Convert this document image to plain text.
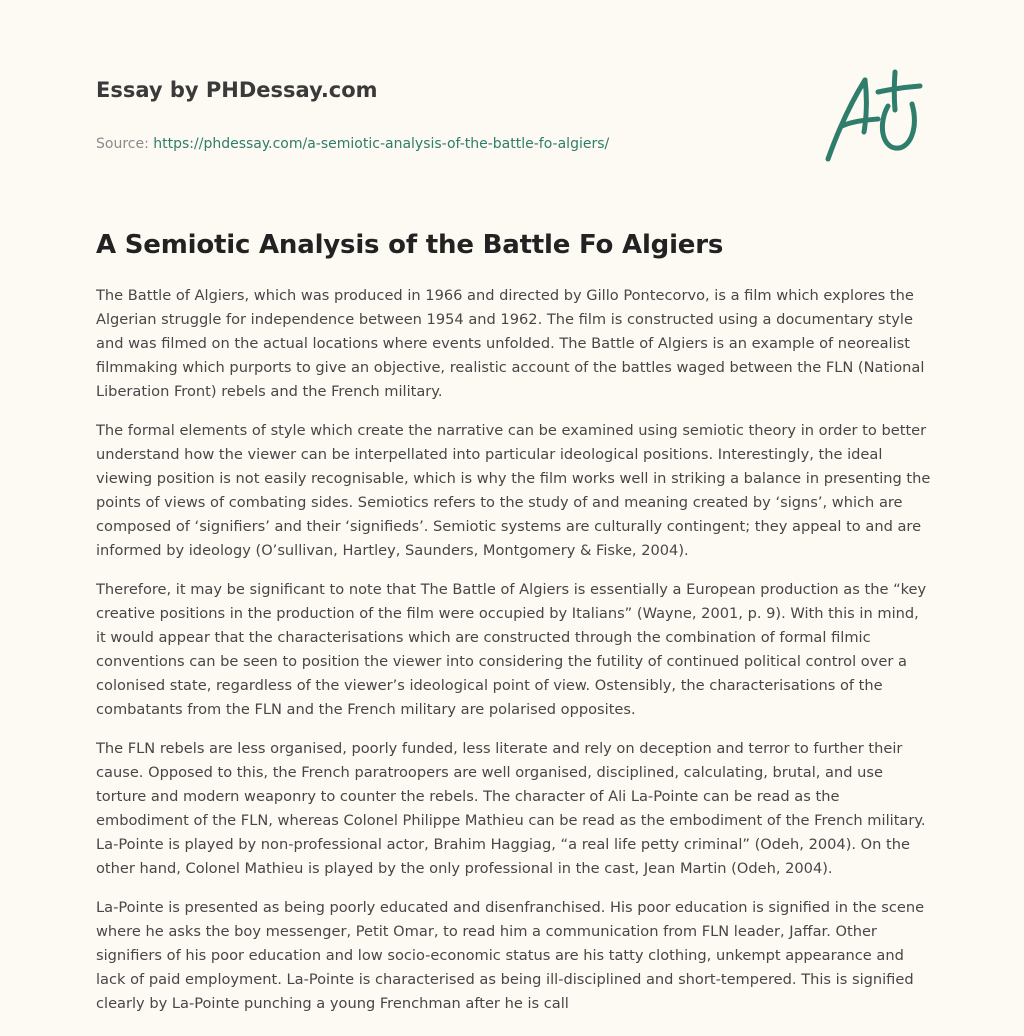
Essay by PHDessay.com
Source: https://phdessay.com/a-semiotic-analysis-of-the-battle-fo-algiers/
A Semiotic Analysis of the Battle Fo Algiers

The Battle of Algiers, which was produced in 1966 and directed by Gillo Pontecorvo, is a film which explores the Algerian struggle for independence between 1954 and 1962. The film is constructed using a documentary style and was filmed on the actual locations where events unfolded. The Battle of Algiers is an example of neorealist filmmaking which purports to give an objective, realistic account of the battles waged between the FLN (National Liberation Front) rebels and the French military.

The formal elements of style which create the narrative can be examined using semiotic theory in order to better understand how the viewer can be interpellated into particular ideological positions. Interestingly, the ideal viewing position is not easily recognisable, which is why the film works well in striking a balance in presenting the points of views of combating sides. Semiotics refers to the study of and meaning created by ‘signs’, which are composed of ‘signifiers’ and their ‘signifieds’. Semiotic systems are culturally contingent; they appeal to and are informed by ideology (O’sullivan, Hartley, Saunders, Montgomery & Fiske, 2004).

Therefore, it may be significant to note that The Battle of Algiers is essentially a European production as the “key creative positions in the production of the film were occupied by Italians” (Wayne, 2001, p. 9). With this in mind, it would appear that the characterisations which are constructed through the combination of formal filmic conventions can be seen to position the viewer into considering the futility of continued political control over a colonised state, regardless of the viewer’s ideological point of view. Ostensibly, the characterisations of the combatants from the FLN and the French military are polarised opposites.

The FLN rebels are less organised, poorly funded, less literate and rely on deception and terror to further their cause. Opposed to this, the French paratroopers are well organised, disciplined, calculating, brutal, and use torture and modern weaponry to counter the rebels. The character of Ali La-Pointe can be read as the embodiment of the FLN, whereas Colonel Philippe Mathieu can be read as the embodiment of the French military. La-Pointe is played by non-professional actor, Brahim Haggiag, “a real life petty criminal” (Odeh, 2004). On the other hand, Colonel Mathieu is played by the only professional in the cast, Jean Martin (Odeh, 2004).

La-Pointe is presented as being poorly educated and disenfranchised. His poor education is signified in the scene where he asks the boy messenger, Petit Omar, to read him a communication from FLN leader, Jaffar. Other signifiers of his poor education and low socio-economic status are his tatty clothing, unkempt appearance and lack of paid employment. La-Pointe is characterised as being ill-disciplined and short-tempered. This is signified clearly by La-Pointe punching a young Frenchman after he is call
